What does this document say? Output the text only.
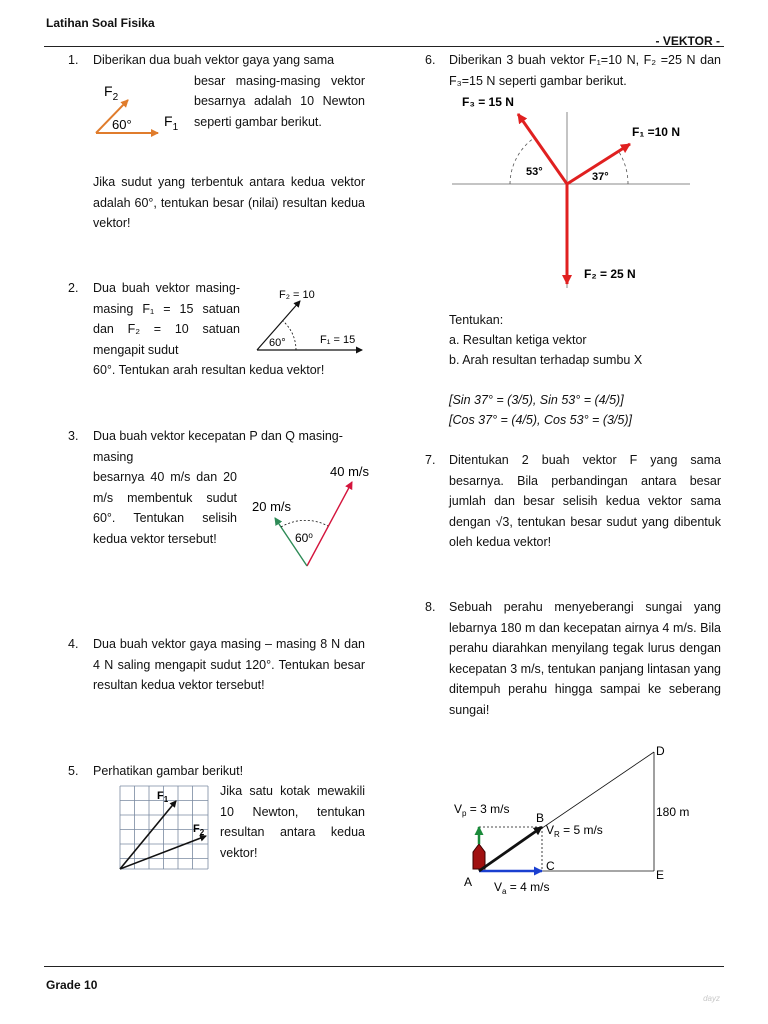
Latihan Soal Fisika
- VEKTOR -
Grade 10
dayz
1. Diberikan dua buah vektor gaya yang sama
besar masing-masing vektor besarnya adalah 10 Newton seperti gambar berikut.
Jika sudut yang terbentuk antara kedua vektor adalah 60°, tentukan besar (nilai) resultan kedua vektor!
$F_2$
$F_1$
60°
2. Dua buah vektor masing-masing F₁ = 15 satuan dan F₂ = 10 satuan mengapit sudut
60°. Tentukan arah resultan kedua vektor!
F₂ = 10
F₁ = 15
60°
3. Dua buah vektor kecepatan P dan Q masing-masing
besarnya 40 m/s dan 20 m/s membentuk sudut 60°. Tentukan selisih kedua vektor tersebut!
40 m/s
20 m/s
60$^o$
4. Dua buah vektor gaya masing – masing 8 N dan 4 N saling mengapit sudut 120°. Tentukan besar resultan kedua vektor tersebut!
5. Perhatikan gambar berikut!
Jika satu kotak mewakili 10 Newton, tentukan resultan antara kedua vektor!
$F_1$
$F_2$
6. Diberikan 3 buah vektor F₁=10 N, F₂ =25 N dan F₃=15 N seperti gambar berikut.
F₃ = 15 N
F₁ =10 N
F₂ = 25 N
53°	37°
Tentukan:
a. Resultan ketiga vektor
b. Arah resultan terhadap sumbu X
[Sin 37° = (3/5), Sin 53° = (4/5)]
[Cos 37° = (4/5), Cos 53° = (3/5)]
7. Ditentukan 2 buah vektor F yang sama besarnya. Bila perbandingan antara besar jumlah dan besar selisih kedua vektor sama dengan √3, tentukan besar sudut yang dibentuk oleh kedua vektor!
8. Sebuah perahu menyeberangi sungai yang lebarnya 180 m dan kecepatan airnya 4 m/s. Bila perahu diarahkan menyilang tegak lurus dengan kecepatan 3 m/s, tentukan panjang lintasan yang ditempuh perahu hingga sampai ke seberang sungai!
$V_p = 3$ m/s
$V_R = 5$ m/s
$V_a = 4$ m/s
180 m
A
B
C
D
E
